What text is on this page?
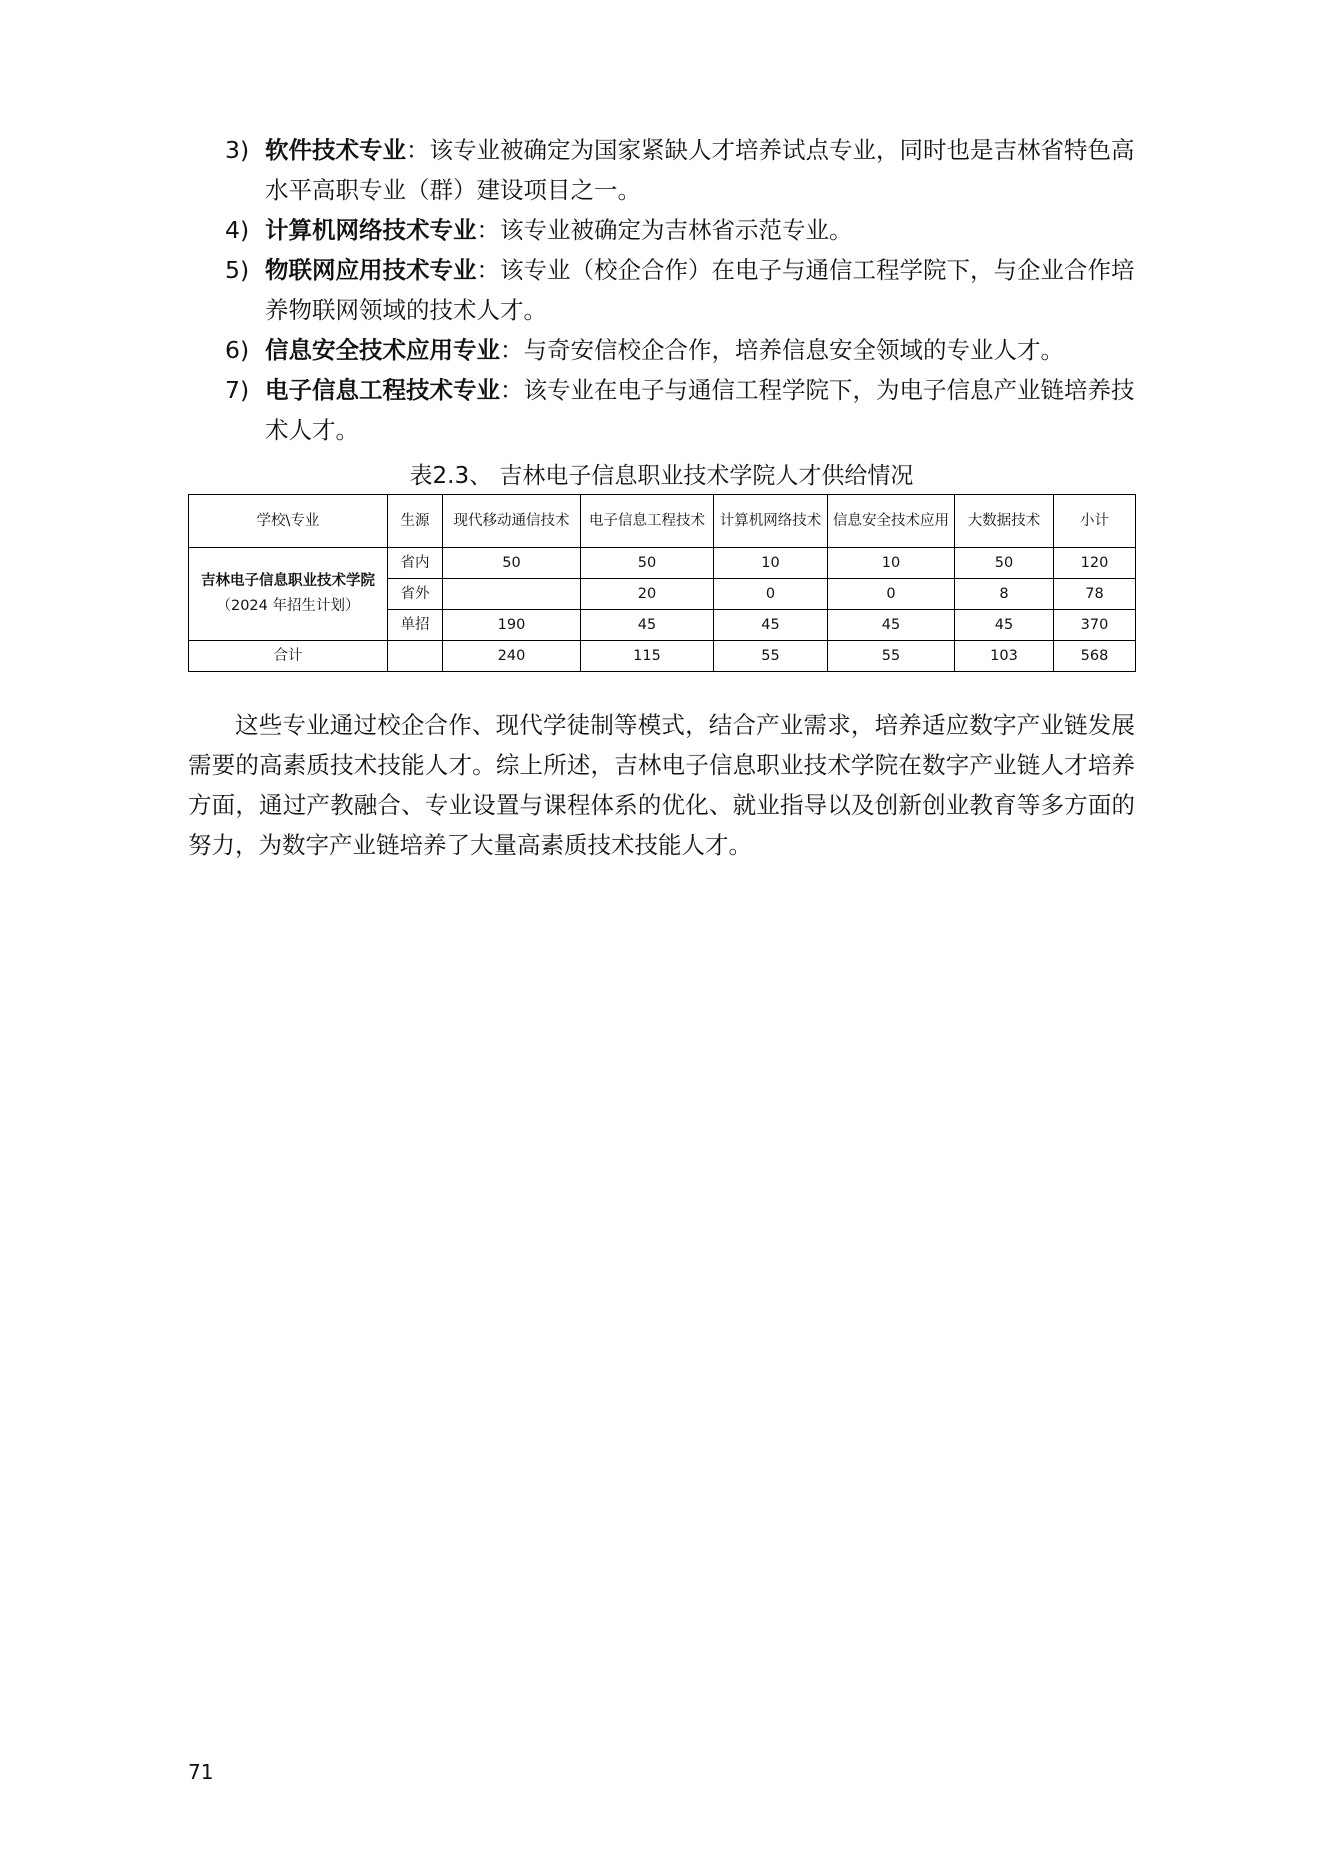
3) 软件技术专业：该专业被确定为国家紧缺人才培养试点专业，同时也是吉林省特色高水平高职专业（群）建设项目之一。

4) 计算机网络技术专业：该专业被确定为吉林省示范专业。

5) 物联网应用技术专业：该专业（校企合作）在电子与通信工程学院下，与企业合作培养物联网领域的技术人才。

6) 信息安全技术应用专业：与奇安信校企合作，培养信息安全领域的专业人才。

7) 电子信息工程技术专业：该专业在电子与通信工程学院下，为电子信息产业链培养技术人才。

表2.3、 吉林电子信息职业技术学院人才供给情况
学校\专业	生源	现代移动通信技术	电子信息工程技术	计算机网络技术	信息安全技术应用	大数据技术	小计

吉林电子信息职业技术学院
（2024 年招生计划）	省内	50	50	10	10	50	120
	省外		20	0	0	8	78
	单招	190	45	45	45	45	370
合计		240	115	55	55	103	568

这些专业通过校企合作、现代学徒制等模式，结合产业需求，培养适应数字产业链发展需要的高素质技术技能人才。综上所述，吉林电子信息职业技术学院在数字产业链人才培养方面，通过产教融合、专业设置与课程体系的优化、就业指导以及创新创业教育等多方面的努力，为数字产业链培养了大量高素质技术技能人才。

71
